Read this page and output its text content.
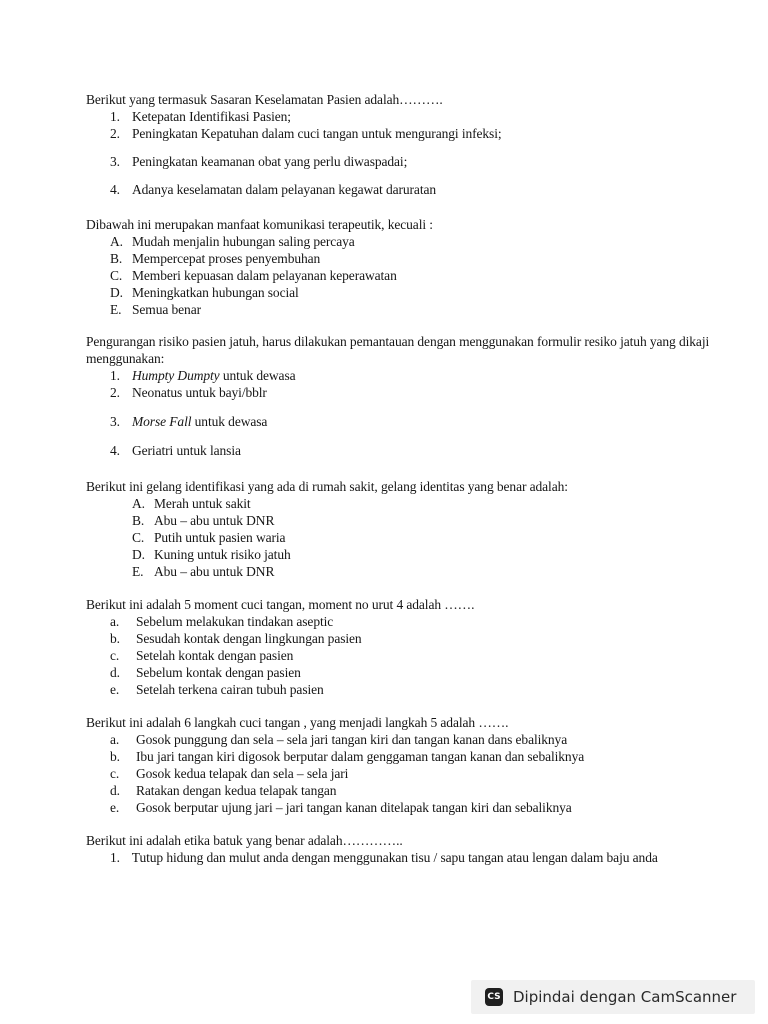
Berikut yang termasuk Sasaran Keselamatan Pasien adalah……….
1. Ketepatan Identifikasi Pasien;
2. Peningkatan Kepatuhan dalam cuci tangan untuk mengurangi infeksi;
3. Peningkatan keamanan obat yang perlu diwaspadai;
4. Adanya keselamatan dalam pelayanan kegawat daruratan
Dibawah ini merupakan manfaat komunikasi terapeutik, kecuali :
A. Mudah menjalin hubungan saling percaya
B. Mempercepat proses penyembuhan
C. Memberi kepuasan dalam pelayanan keperawatan
D. Meningkatkan hubungan social
E. Semua benar
Pengurangan risiko pasien jatuh, harus dilakukan pemantauan dengan menggunakan formulir resiko jatuh yang dikaji menggunakan:
1. Humpty Dumpty untuk dewasa
2. Neonatus untuk bayi/bblr
3. Morse Fall untuk dewasa
4. Geriatri untuk lansia
Berikut ini gelang identifikasi yang ada di rumah sakit, gelang identitas yang benar adalah:
A. Merah untuk sakit
B. Abu – abu untuk DNR
C. Putih untuk pasien waria
D. Kuning untuk risiko jatuh
E. Abu – abu untuk DNR
Berikut ini adalah 5 moment cuci tangan, moment no urut 4 adalah …….
a.	Sebelum melakukan tindakan aseptic
b.	Sesudah kontak dengan lingkungan pasien
c.	Setelah kontak dengan pasien
d.	Sebelum kontak dengan pasien
e.	Setelah terkena cairan tubuh pasien
Berikut ini adalah 6 langkah cuci tangan , yang menjadi langkah 5 adalah …….
a.	Gosok punggung dan sela – sela jari tangan kiri dan tangan kanan dans ebaliknya
b.	Ibu jari tangan kiri digosok berputar dalam genggaman tangan kanan dan sebaliknya
c.	Gosok kedua telapak dan sela – sela jari
d.	Ratakan dengan kedua telapak tangan
e.	Gosok berputar ujung jari – jari tangan kanan ditelapak tangan kiri dan sebaliknya
Berikut ini adalah etika batuk yang benar adalah…………..
1. Tutup hidung dan mulut anda dengan menggunakan tisu / sapu tangan atau lengan dalam baju anda
CS Dipindai dengan CamScanner
